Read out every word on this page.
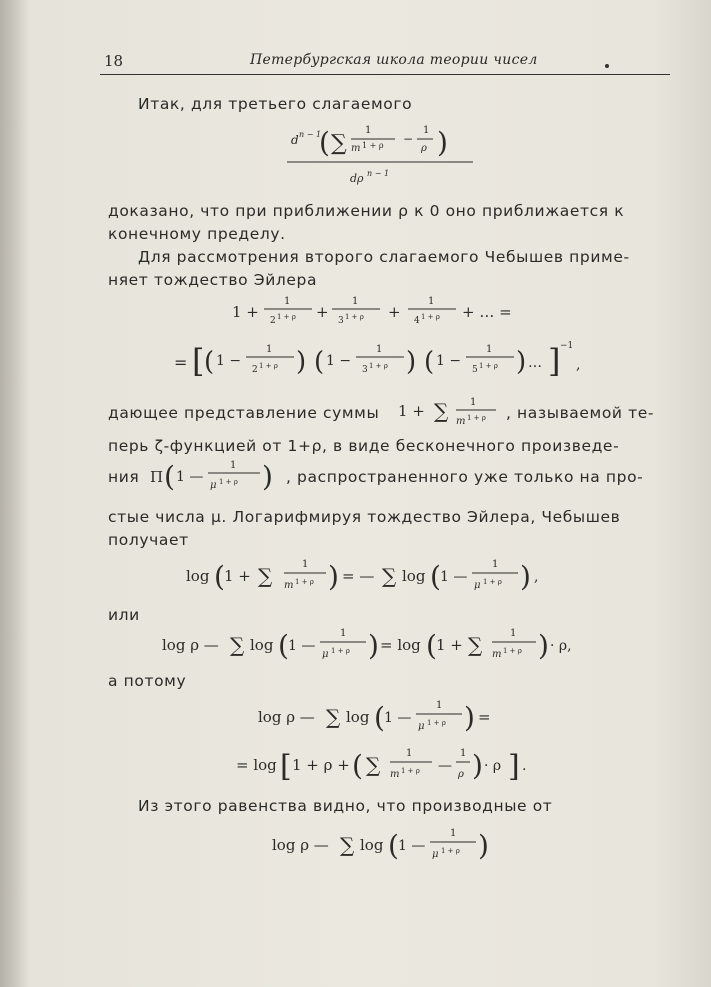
18	Петербургская школа теории чисел
Итак, для третьего слагаемого
d n − 1
( ∑
1
m 1 + ρ −
1
ρ )
dρ n − 1
доказано, что при приближении ρ к 0 оно приближается к
конечному пределу.
Для рассмотрения второго слагаемого Чебышев приме-
няет тождество Эйлера
1 +
1
2 1 + ρ +
1
3 1 + ρ +
1
4 1 + ρ + … =
= [ ( 1 −
1
2 1 + ρ ) ( 1 −
1
3 1 + ρ ) ( 1 −
1
5 1 + ρ ) … ] −1
,
дающее представление суммы 1 + ∑ 1
m 1 + ρ , называемой те-
перь ζ-функцией от 1+ρ, в виде бесконечного произведе-
ния Π ( 1 —
1
μ 1 + ρ ) , распространенного уже только на про-
стые числа μ. Логарифмируя тождество Эйлера, Чебышев
получает
log ( 1 + ∑	1
m 1 + ρ ) = — ∑ log ( 1 —
1
μ 1 + ρ ) ,
или
log ρ — ∑ log ( 1 —
1
μ 1 + ρ ) = log ( 1 + ∑	1
m 1 + ρ ) · ρ,
а потому
log ρ — ∑ log ( 1 —
1
μ 1 + ρ ) =
= log [ 1 + ρ + ( ∑	1
m 1 + ρ —
1
ρ ) · ρ ] .
Из этого равенства видно, что производные от
log ρ — ∑ log ( 1 —
1
μ 1 + ρ )
